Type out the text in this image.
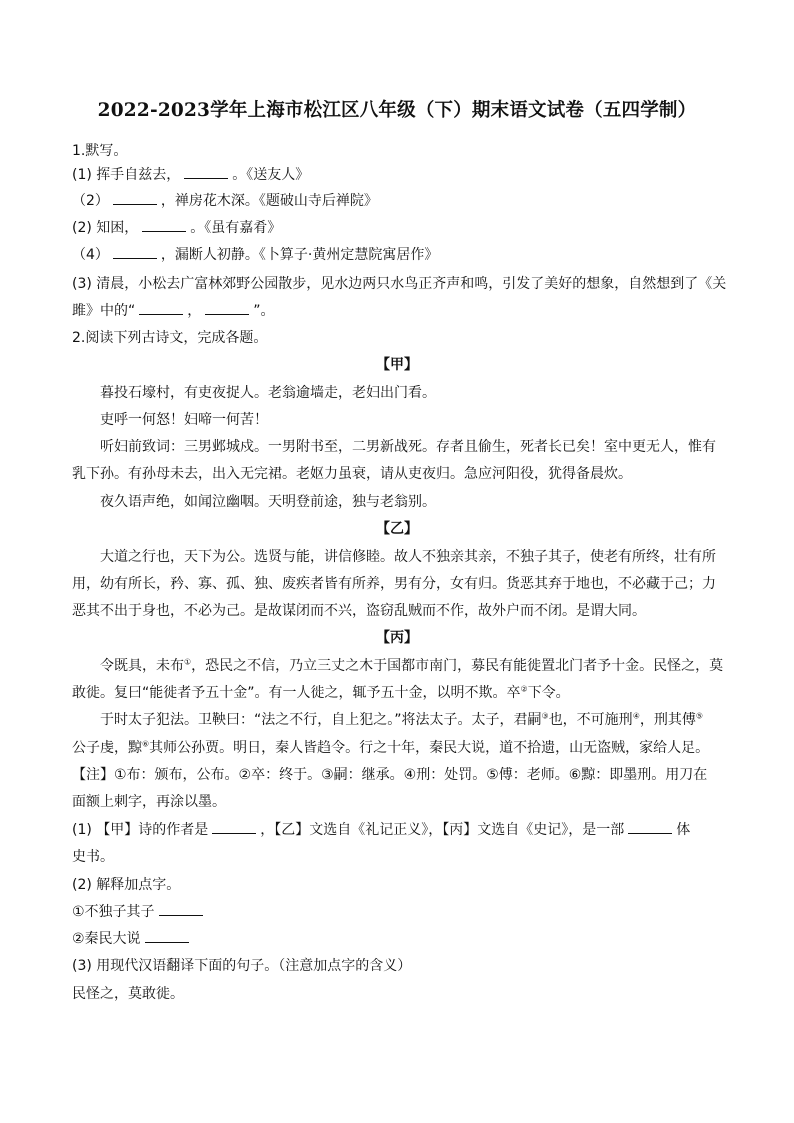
2022-2023学年上海市松江区八年级（下）期末语文试卷（五四学制）
1.默写。
(1) 挥手自兹去，	。《送友人》
（2）	，禅房花木深。《题破山寺后禅院》
(2) 知困，	。《虽有嘉肴》
（4）	，漏断人初静。《卜算子·黄州定慧院寓居作》
(3) 清晨，小松去广富林郊野公园散步，见水边两只水鸟正齐声和鸣，引发了美好的想象，自然想到了《关
雎》中的“	，	”。
2.阅读下列古诗文，完成各题。
【甲】
暮投石壕村，有吏夜捉人。老翁逾墙走，老妇出门看。
吏呼一何怒！妇啼一何苦！
听妇前致词：三男邺城戍。一男附书至，二男新战死。存者且偷生，死者长已矣！室中更无人，惟有
乳下孙。有孙母未去，出入无完裙。老妪力虽衰，请从吏夜归。急应河阳役，犹得备晨炊。
夜久语声绝，如闻泣幽咽。天明登前途，独与老翁别。
【乙】
大道之行也，天下为公。选贤与能，讲信修睦。故人不独亲其亲，不独子其子，使老有所终，壮有所
用，幼有所长，矜、寡、孤、独、废疾者皆有所养，男有分，女有归。货恶其弃于地也，不必藏于己；力
恶其不出于身也，不必为己。是故谋闭而不兴，盗窃乱贼而不作，故外户而不闭。是谓大同。
【丙】
令既具，未布①，恐民之不信，乃立三丈之木于国都市南门，募民有能徙置北门者予十金。民怪之，莫
敢徙。复曰“能徙者予五十金”。有一人徙之，辄予五十金，以明不欺。卒②下令。
于时太子犯法。卫鞅曰：“法之不行，自上犯之。”将法太子。太子，君嗣③也，不可施刑④，刑其傅⑤
公子虔，黥⑥其师公孙贾。明日，秦人皆趋令。行之十年，秦民大说，道不拾遗，山无盗贼，家给人足。
【注】①布：颁布，公布。②卒：终于。③嗣：继承。④刑：处罚。⑤傅：老师。⑥黥：即墨刑。用刀在
面额上刺字，再涂以墨。
(1) 【甲】诗的作者是	，【乙】文选自《礼记正义》，【丙】文选自《史记》，是一部	体
史书。
(2) 解释加点字。
①不独子其子
②秦民大说
(3) 用现代汉语翻译下面的句子。（注意加点字的含义）
民怪之，莫敢徙。
